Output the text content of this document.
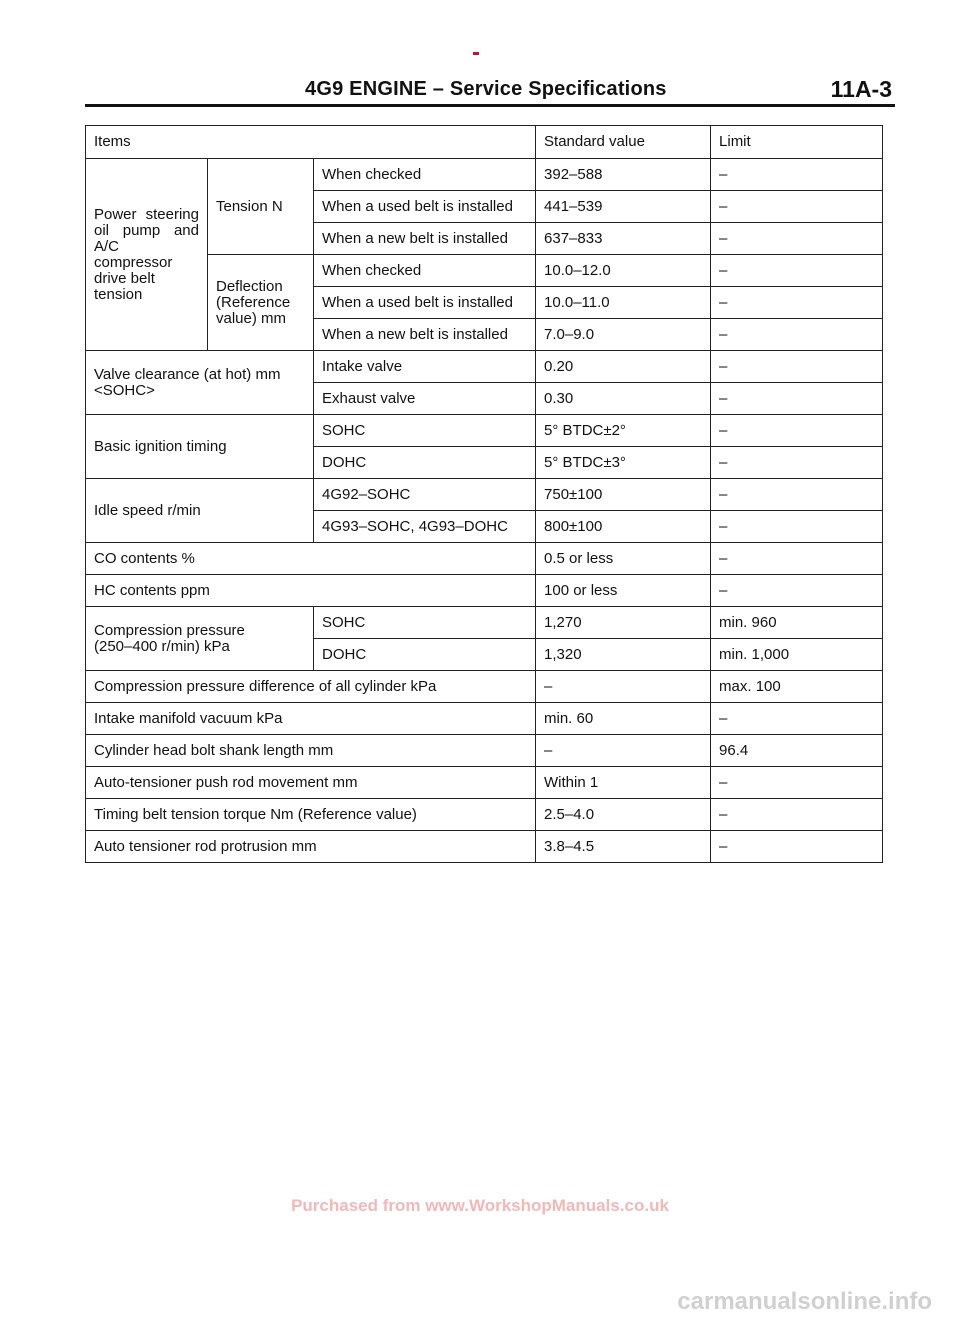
4G9 ENGINE – Service Specifications	11A-3
Items			Standard value	Limit

Power steering
oil pump and
A/C compressor
drive belt
tension	Tension N	When checked	392–588	–
		When a used belt is installed	441–539	–
		When a new belt is installed	637–833	–

	Deflection
(Reference
value) mm	When checked	10.0–12.0	–
		When a used belt is installed	10.0–11.0	–
		When a new belt is installed	7.0–9.0	–

Valve clearance (at hot) mm
<SOHC>		Intake valve	0.20	–
		Exhaust valve	0.30	–
Basic ignition timing		SOHC	5° BTDC±2°	–
		DOHC	5° BTDC±3°	–
Idle speed r/min		4G92–SOHC	750±100	–
		4G93–SOHC, 4G93–DOHC	800±100	–
CO contents %			0.5 or less	–
HC contents ppm			100 or less	–

Compression pressure
(250–400 r/min) kPa		SOHC	1,270	min. 960
		DOHC	1,320	min. 1,000
Compression pressure difference of all cylinder kPa			–	max. 100
Intake manifold vacuum kPa			min. 60	–
Cylinder head bolt shank length mm			–	96.4
Auto-tensioner push rod movement mm			Within 1	–
Timing belt tension torque Nm (Reference value)			2.5–4.0	–
Auto tensioner rod protrusion mm			3.8–4.5	–
Purchased from www.WorkshopManuals.co.uk
carmanualsonline.info
